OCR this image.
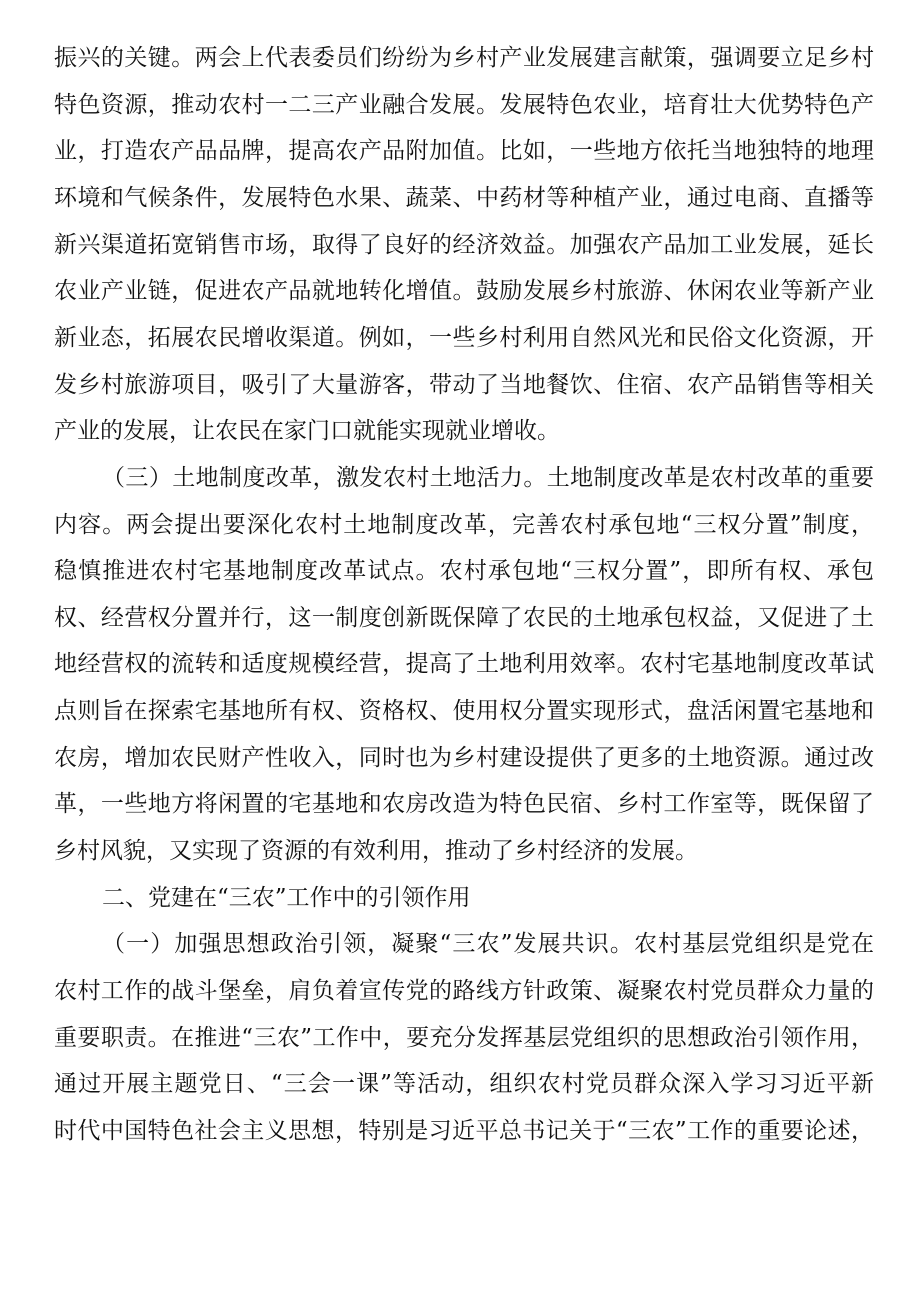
振兴的关键。两会上代表委员们纷纷为乡村产业发展建言献策，强调要立足乡村
特色资源，推动农村一二三产业融合发展。发展特色农业，培育壮大优势特色产
业，打造农产品品牌，提高农产品附加值。比如，一些地方依托当地独特的地理
环境和气候条件，发展特色水果、蔬菜、中药材等种植产业，通过电商、直播等
新兴渠道拓宽销售市场，取得了良好的经济效益。加强农产品加工业发展，延长
农业产业链，促进农产品就地转化增值。鼓励发展乡村旅游、休闲农业等新产业
新业态，拓展农民增收渠道。例如，一些乡村利用自然风光和民俗文化资源，开
发乡村旅游项目，吸引了大量游客，带动了当地餐饮、住宿、农产品销售等相关
产业的发展，让农民在家门口就能实现就业增收。
（三）土地制度改革，激发农村土地活力。土地制度改革是农村改革的重要
内容。两会提出要深化农村土地制度改革，完善农村承包地“三权分置”制度，
稳慎推进农村宅基地制度改革试点。农村承包地“三权分置”，即所有权、承包
权、经营权分置并行，这一制度创新既保障了农民的土地承包权益，又促进了土
地经营权的流转和适度规模经营，提高了土地利用效率。农村宅基地制度改革试
点则旨在探索宅基地所有权、资格权、使用权分置实现形式，盘活闲置宅基地和
农房，增加农民财产性收入，同时也为乡村建设提供了更多的土地资源。通过改
革，一些地方将闲置的宅基地和农房改造为特色民宿、乡村工作室等，既保留了
乡村风貌，又实现了资源的有效利用，推动了乡村经济的发展。
二、党建在“三农”工作中的引领作用
（一）加强思想政治引领，凝聚“三农”发展共识。农村基层党组织是党在
农村工作的战斗堡垒，肩负着宣传党的路线方针政策、凝聚农村党员群众力量的
重要职责。在推进“三农”工作中，要充分发挥基层党组织的思想政治引领作用，
通过开展主题党日、“三会一课”等活动，组织农村党员群众深入学习习近平新
时代中国特色社会主义思想，特别是习近平总书记关于“三农”工作的重要论述，
